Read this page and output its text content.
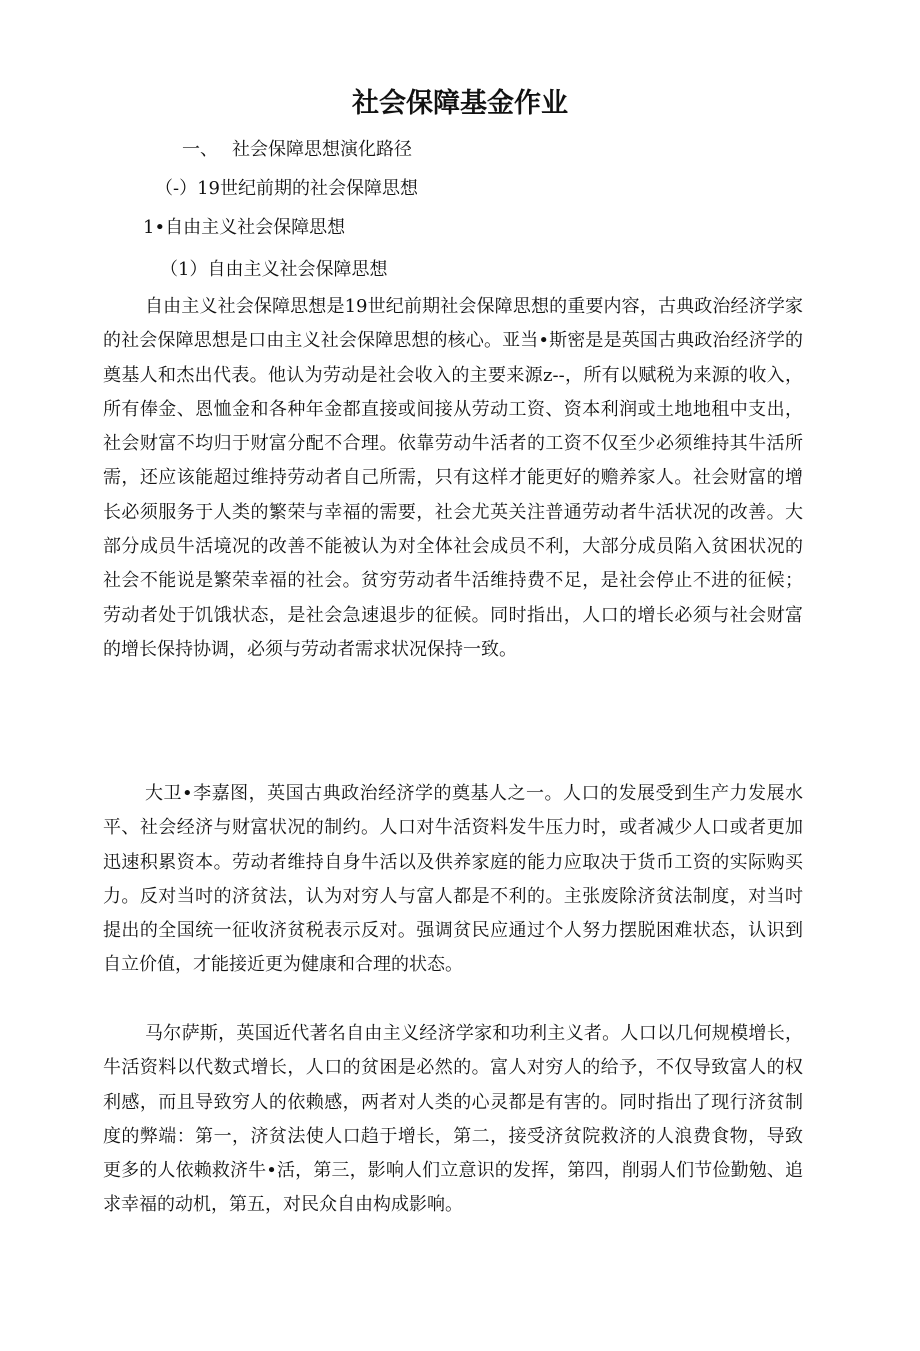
社会保障基金作业

一、 社会保障思想演化路径

（-）19世纪前期的社会保障思想

1•自由主义社会保障思想

（1）自由主义社会保障思想

自由主义社会保障思想是19世纪前期社会保障思想的重要内容，古典政治经济学家的社会保障思想是口由主义社会保障思想的核心。亚当•斯密是是英国古典政治经济学的奠基人和杰出代表。他认为劳动是社会收入的主要来源z--，所有以赋税为来源的收入，所有俸金、恩恤金和各种年金都直接或间接从劳动工资、资本利润或土地地租中支出，社会财富不均归于财富分配不合理。依靠劳动牛活者的工资不仅至少必须维持其牛活所需，还应该能超过维持劳动者自己所需，只有这样才能更好的赡养家人。社会财富的增长必须服务于人类的繁荣与幸福的需要，社会尤英关注普通劳动者牛活状况的改善。大部分成员牛活境况的改善不能被认为对全体社会成员不利，大部分成员陷入贫困状况的社会不能说是繁荣幸福的社会。贫穷劳动者牛活维持费不足，是社会停止不进的征候；劳动者处于饥饿状态，是社会急速退步的征候。同时指出，人口的增长必须与社会财富的增长保持协调，必须与劳动者需求状况保持一致。

大卫•李嘉图，英国古典政治经济学的奠基人之一。人口的发展受到生产力发展水平、社会经济与财富状况的制约。人口对牛活资料发牛压力时，或者减少人口或者更加迅速积累资本。劳动者维持自身牛活以及供养家庭的能力应取决于货币工资的实际购买力。反对当吋的济贫法，认为对穷人与富人都是不利的。主张废除济贫法制度，对当吋提出的全国统一征收济贫税表示反对。强调贫民应通过个人努力摆脱困难状态，认识到自立价值，才能接近更为健康和合理的状态。

马尔萨斯，英国近代著名自由主义经济学家和功利主义者。人口以几何规模增长，牛活资料以代数式增长，人口的贫困是必然的。富人对穷人的给予，不仅导致富人的权利感，而且导致穷人的依赖感，两者对人类的心灵都是有害的。同时指出了现行济贫制度的弊端：第一，济贫法使人口趋于增长，第二，接受济贫院救济的人浪费食物，导致更多的人依赖救济牛•活，第三，影响人们立意识的发挥，第四，削弱人们节俭勤勉、追求幸福的动机，第五，对民众自由构成影响。
